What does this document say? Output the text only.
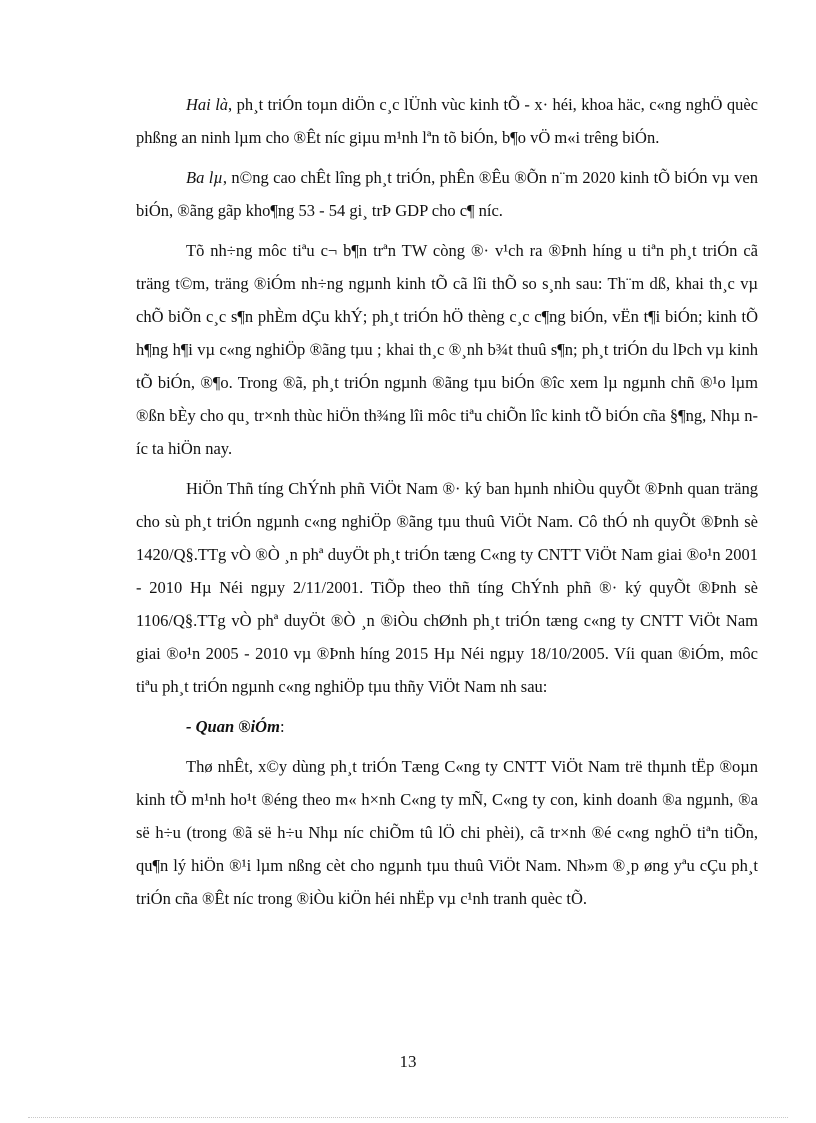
Hai là, ph¸t triÓn toµn diÖn c¸c lÜnh vùc kinh tÕ - x· héi, khoa häc, c«ng nghÖ quèc phßng an ninh lµm cho ®Êt níc giµu m¹nh lªn tõ biÓn, b¶o vÖ m«i trêng biÓn.

Ba lµ, n©ng cao chÊt lîng ph¸t triÓn, phÊn ®Êu ®Õn n¨m 2020 kinh tÕ biÓn vµ ven biÓn, ®ãng gãp kho¶ng 53 - 54 gi¸ trÞ GDP cho c¶ níc.

Tõ nh÷ng môc tiªu c¬ b¶n trªn TW còng ®· v¹ch ra ®Þnh híng u tiªn ph¸t triÓn cã träng t©m, träng ®iÓm nh÷ng ngµnh kinh tÕ cã lîi thÕ so s¸nh sau: Th¨m dß, khai th¸c vµ chÕ biÕn c¸c s¶n phÈm dÇu khÝ; ph¸t triÓn hÖ thèng c¸c c¶ng biÓn, vËn t¶i biÓn; kinh tÕ h¶ng h¶i vµ c«ng nghiÖp ®ãng tµu ; khai th¸c ®¸nh b¾t thuû s¶n; ph¸t triÓn du lÞch vµ kinh tÕ biÓn, ®¶o. Trong ®ã, ph¸t triÓn ngµnh ®ãng tµu biÓn ®îc xem lµ ngµnh chñ ®¹o lµm ®ßn bÈy cho qu¸ tr×nh thùc hiÖn th¾ng lîi môc tiªu chiÕn lîc kinh tÕ biÓn cña §¶ng, Nhµ níc ta hiÖn nay.

HiÖn Thñ tíng ChÝnh phñ ViÖt Nam ®· ký ban hµnh nhiÒu quyÕt ®Þnh quan träng cho sù ph¸t triÓn ngµnh c«ng nghiÖp ®ãng tµu thuû ViÖt Nam. Cô thÓ nh quyÕt ®Þnh sè 1420/Q§.TTg vÒ ®Ò ¸n phª duyÖt ph¸t triÓn tæng C«ng ty CNTT ViÖt Nam giai ®o¹n 2001 - 2010 Hµ Néi ngµy 2/11/2001. TiÕp theo thñ tíng ChÝnh phñ ®· ký quyÕt ®Þnh sè 1106/Q§.TTg vÒ phª duyÖt ®Ò ¸n ®iÒu chØnh ph¸t triÓn tæng c«ng ty CNTT ViÖt Nam giai ®o¹n 2005 - 2010 vµ ®Þnh híng 2015 Hµ Néi ngµy 18/10/2005. Víi quan ®iÓm, môc tiªu ph¸t triÓn ngµnh c«ng nghiÖp tµu thñy ViÖt Nam nh sau:

- Quan ®iÓm:

Thø nhÊt, x©y dùng ph¸t triÓn Tæng C«ng ty CNTT ViÖt Nam trë thµnh tËp ®oµn kinh tÕ m¹nh ho¹t ®éng theo m« h×nh C«ng ty mÑ, C«ng ty con, kinh doanh ®a ngµnh, ®a së h÷u (trong ®ã së h÷u Nhµ níc chiÕm tû lÖ chi phèi), cã tr×nh ®é c«ng nghÖ tiªn tiÕn, qu¶n lý hiÖn ®¹i lµm nßng cèt cho ngµnh tµu thuû ViÖt Nam. Nh»m ®¸p øng yªu cÇu ph¸t triÓn cña ®Êt níc trong ®iÒu kiÖn héi nhËp vµ c¹nh tranh quèc tÕ.

13
